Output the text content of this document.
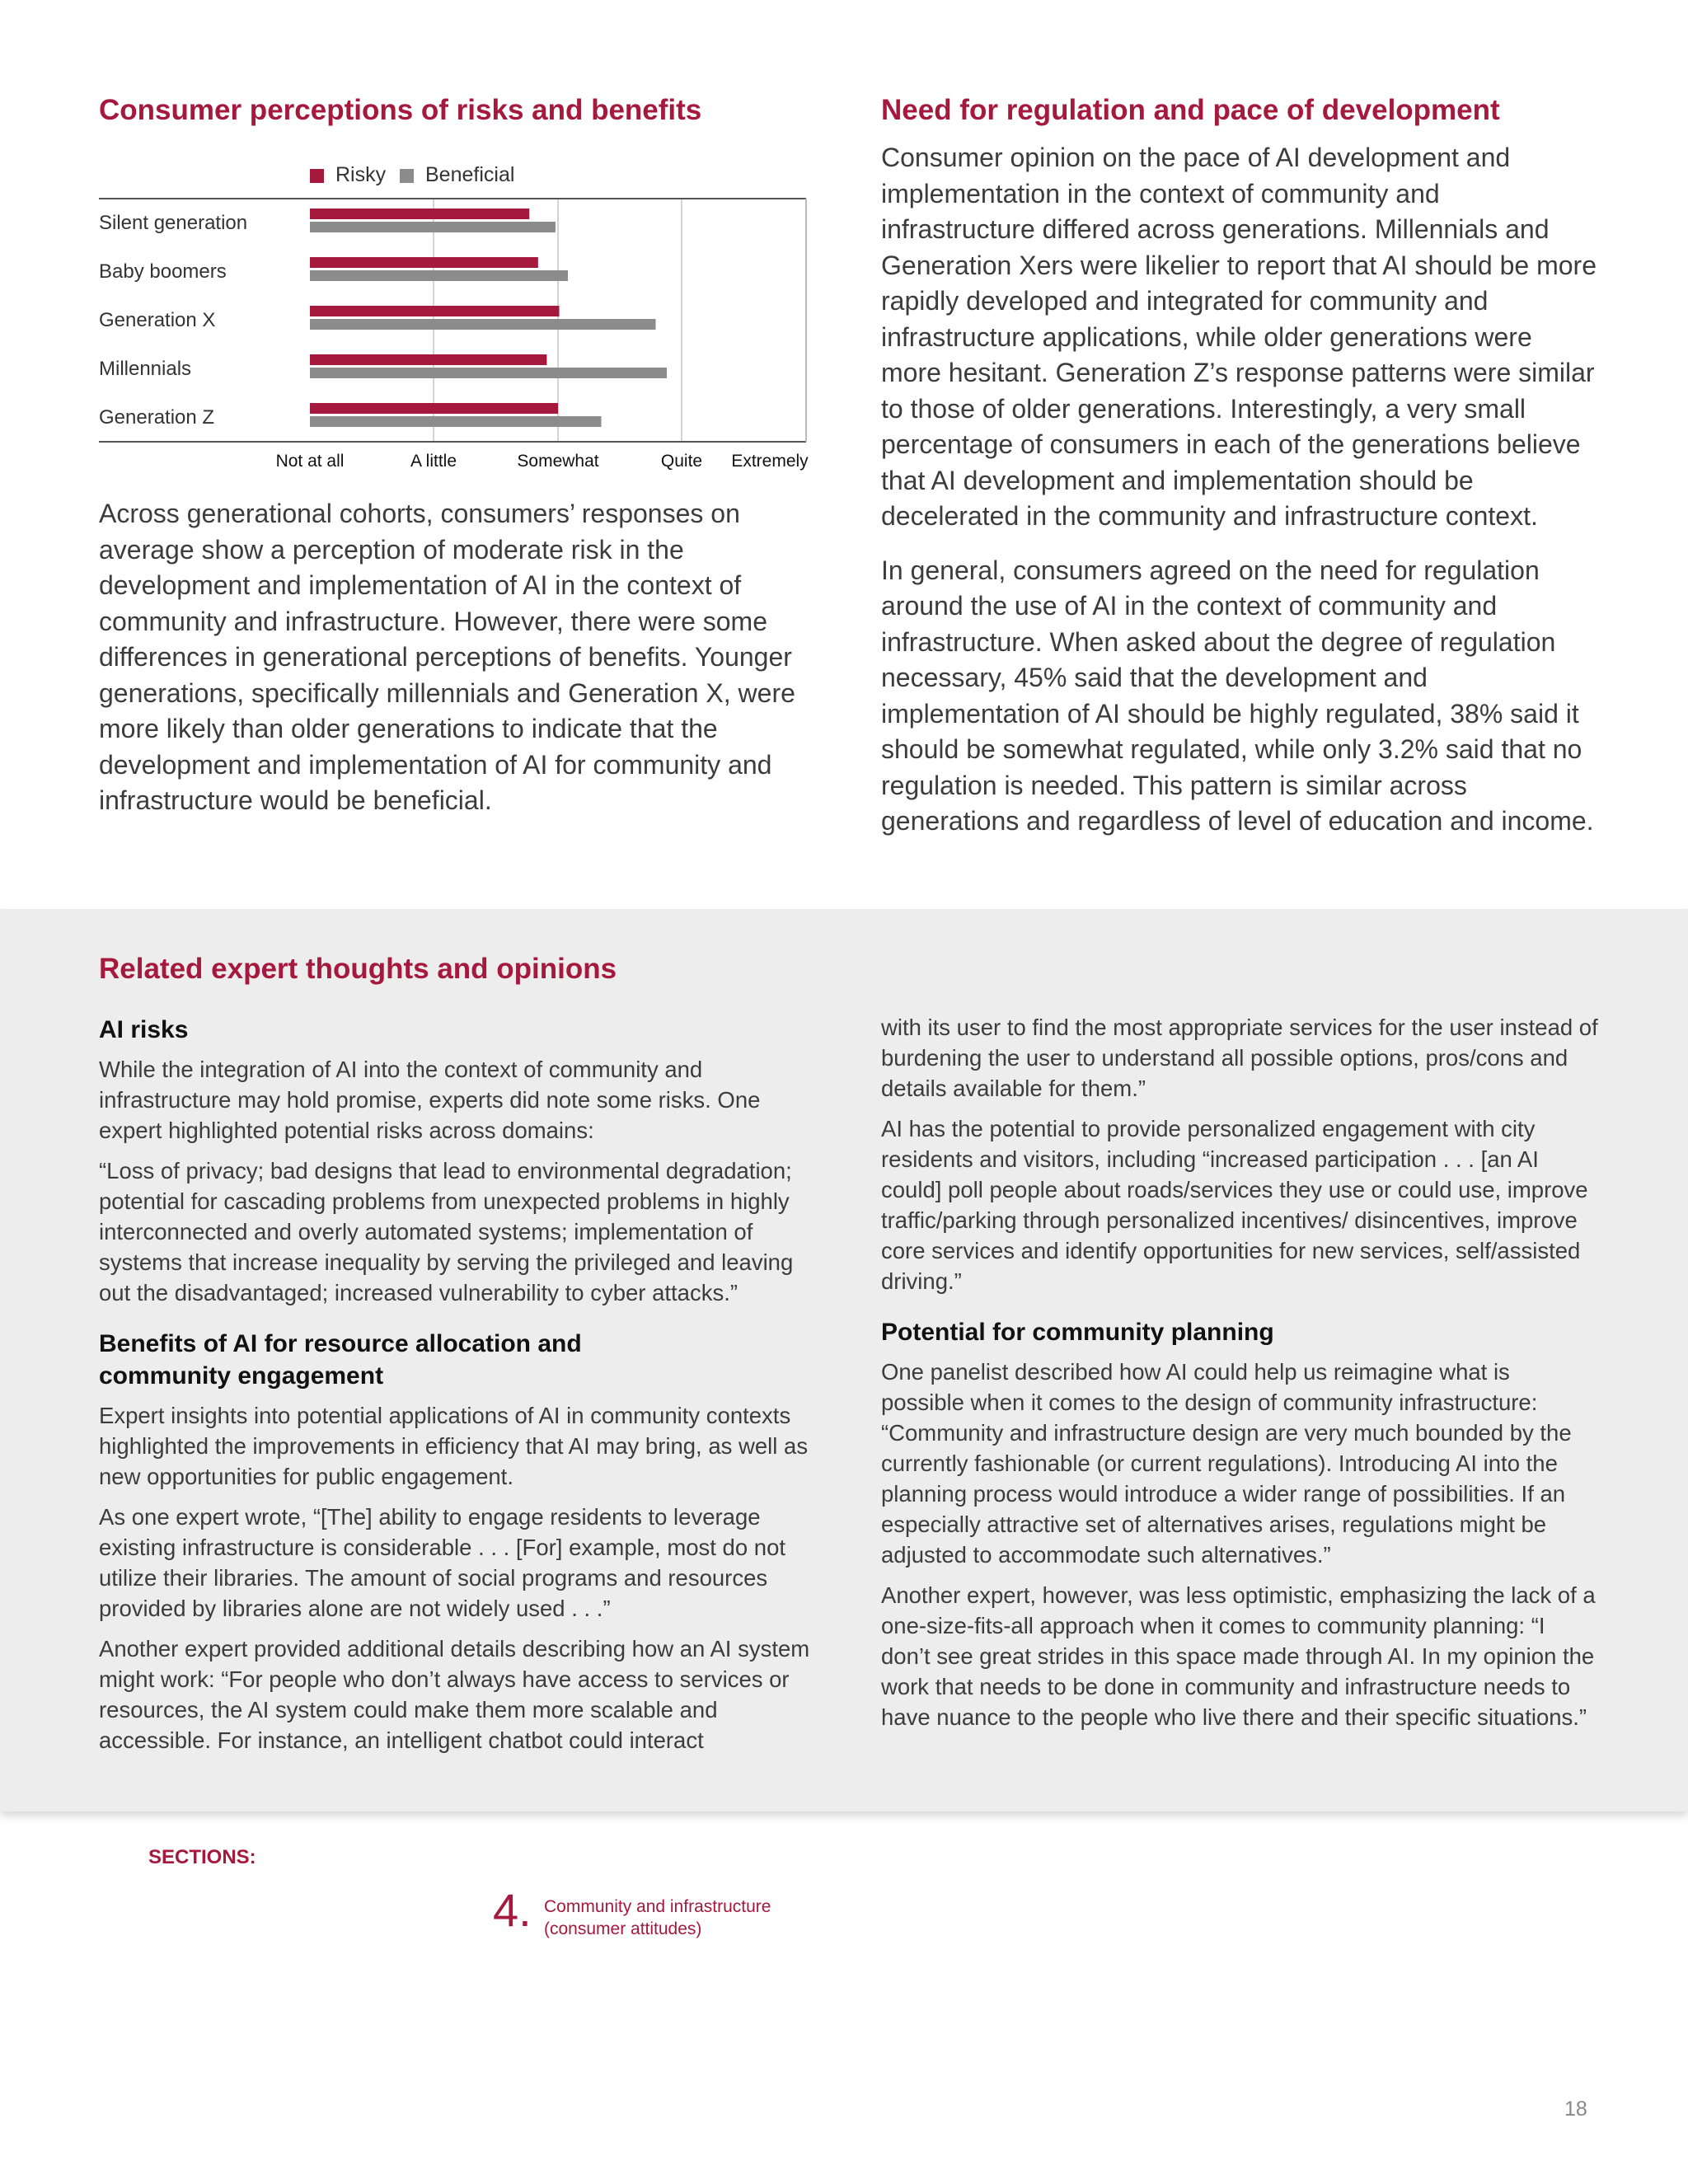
Consumer perceptions of risks and benefits
Risky	Beneficial
Silent generation
Baby boomers
Generation X
Millennials
Generation Z
Not at all	A little	Somewhat	Quite Extremely

Across generational cohorts, consumers’ responses on average show a perception of moderate risk in the development and implementation of AI in the context of community and infrastructure. However, there were some differences in generational perceptions of benefits. Younger generations, specifically millennials and Generation X, were more likely than older generations to indicate that the development and implementation of AI for community and infrastructure would be beneficial.

Need for regulation and pace of development

Consumer opinion on the pace of AI development and implementation in the context of community and infrastructure differed across generations. Millennials and Generation Xers were likelier to report that AI should be more rapidly developed and integrated for community and infrastructure applications, while older generations were more hesitant. Generation Z’s response patterns were similar to those of older generations. Interestingly, a very small percentage of consumers in each of the generations believe that AI development and implementation should be decelerated in the community and infrastructure context.

In general, consumers agreed on the need for regulation around the use of AI in the context of community and infrastructure. When asked about the degree of regulation necessary, 45% said that the development and implementation of AI should be highly regulated, 38% said it should be somewhat regulated, while only 3.2% said that no regulation is needed. This pattern is similar across generations and regardless of level of education and income.

Related expert thoughts and opinions
AI risks

While the integration of AI into the context of community and infrastructure may hold promise, experts did note some risks. One expert highlighted potential risks across domains:

“Loss of privacy; bad designs that lead to environmental degradation; potential for cascading problems from unexpected problems in highly interconnected and overly automated systems; implementation of systems that increase inequality by serving the privileged and leaving out the disadvantaged; increased vulnerability to cyber attacks.”

Benefits of AI for resource allocation and community engagement

Expert insights into potential applications of AI in community contexts highlighted the improvements in efficiency that AI may bring, as well as new opportunities for public engagement.

As one expert wrote, “[The] ability to engage residents to leverage existing infrastructure is considerable . . . [For] example, most do not utilize their libraries. The amount of social programs and resources provided by libraries alone are not widely used . . .”

Another expert provided additional details describing how an AI system might work: “For people who don’t always have access to services or resources, the AI system could make them more scalable and accessible. For instance, an intelligent chatbot could interact

with its user to find the most appropriate services for the user instead of burdening the user to understand all possible options, pros/cons and details available for them.”

AI has the potential to provide personalized engagement with city residents and visitors, including “increased participation . . . [an AI could] poll people about roads/services they use or could use, improve traffic/parking through personalized incentives/ disincentives, improve core services and identify opportunities for new services, self/assisted driving.”

Potential for community planning

One panelist described how AI could help us reimagine what is possible when it comes to the design of community infrastructure: “Community and infrastructure design are very much bounded by the currently fashionable (or current regulations). Introducing AI into the planning process would introduce a wider range of possibilities. If an especially attractive set of alternatives arises, regulations might be adjusted to accommodate such alternatives.”

Another expert, however, was less optimistic, emphasizing the lack of a one-size-fits-all approach when it comes to community planning: “I don’t see great strides in this space made through AI. In my opinion the work that needs to be done in community and infrastructure needs to have nuance to the people who live there and their specific situations.”

SECTIONS:
4. Community and infrastructure (consumer attitudes)
18
